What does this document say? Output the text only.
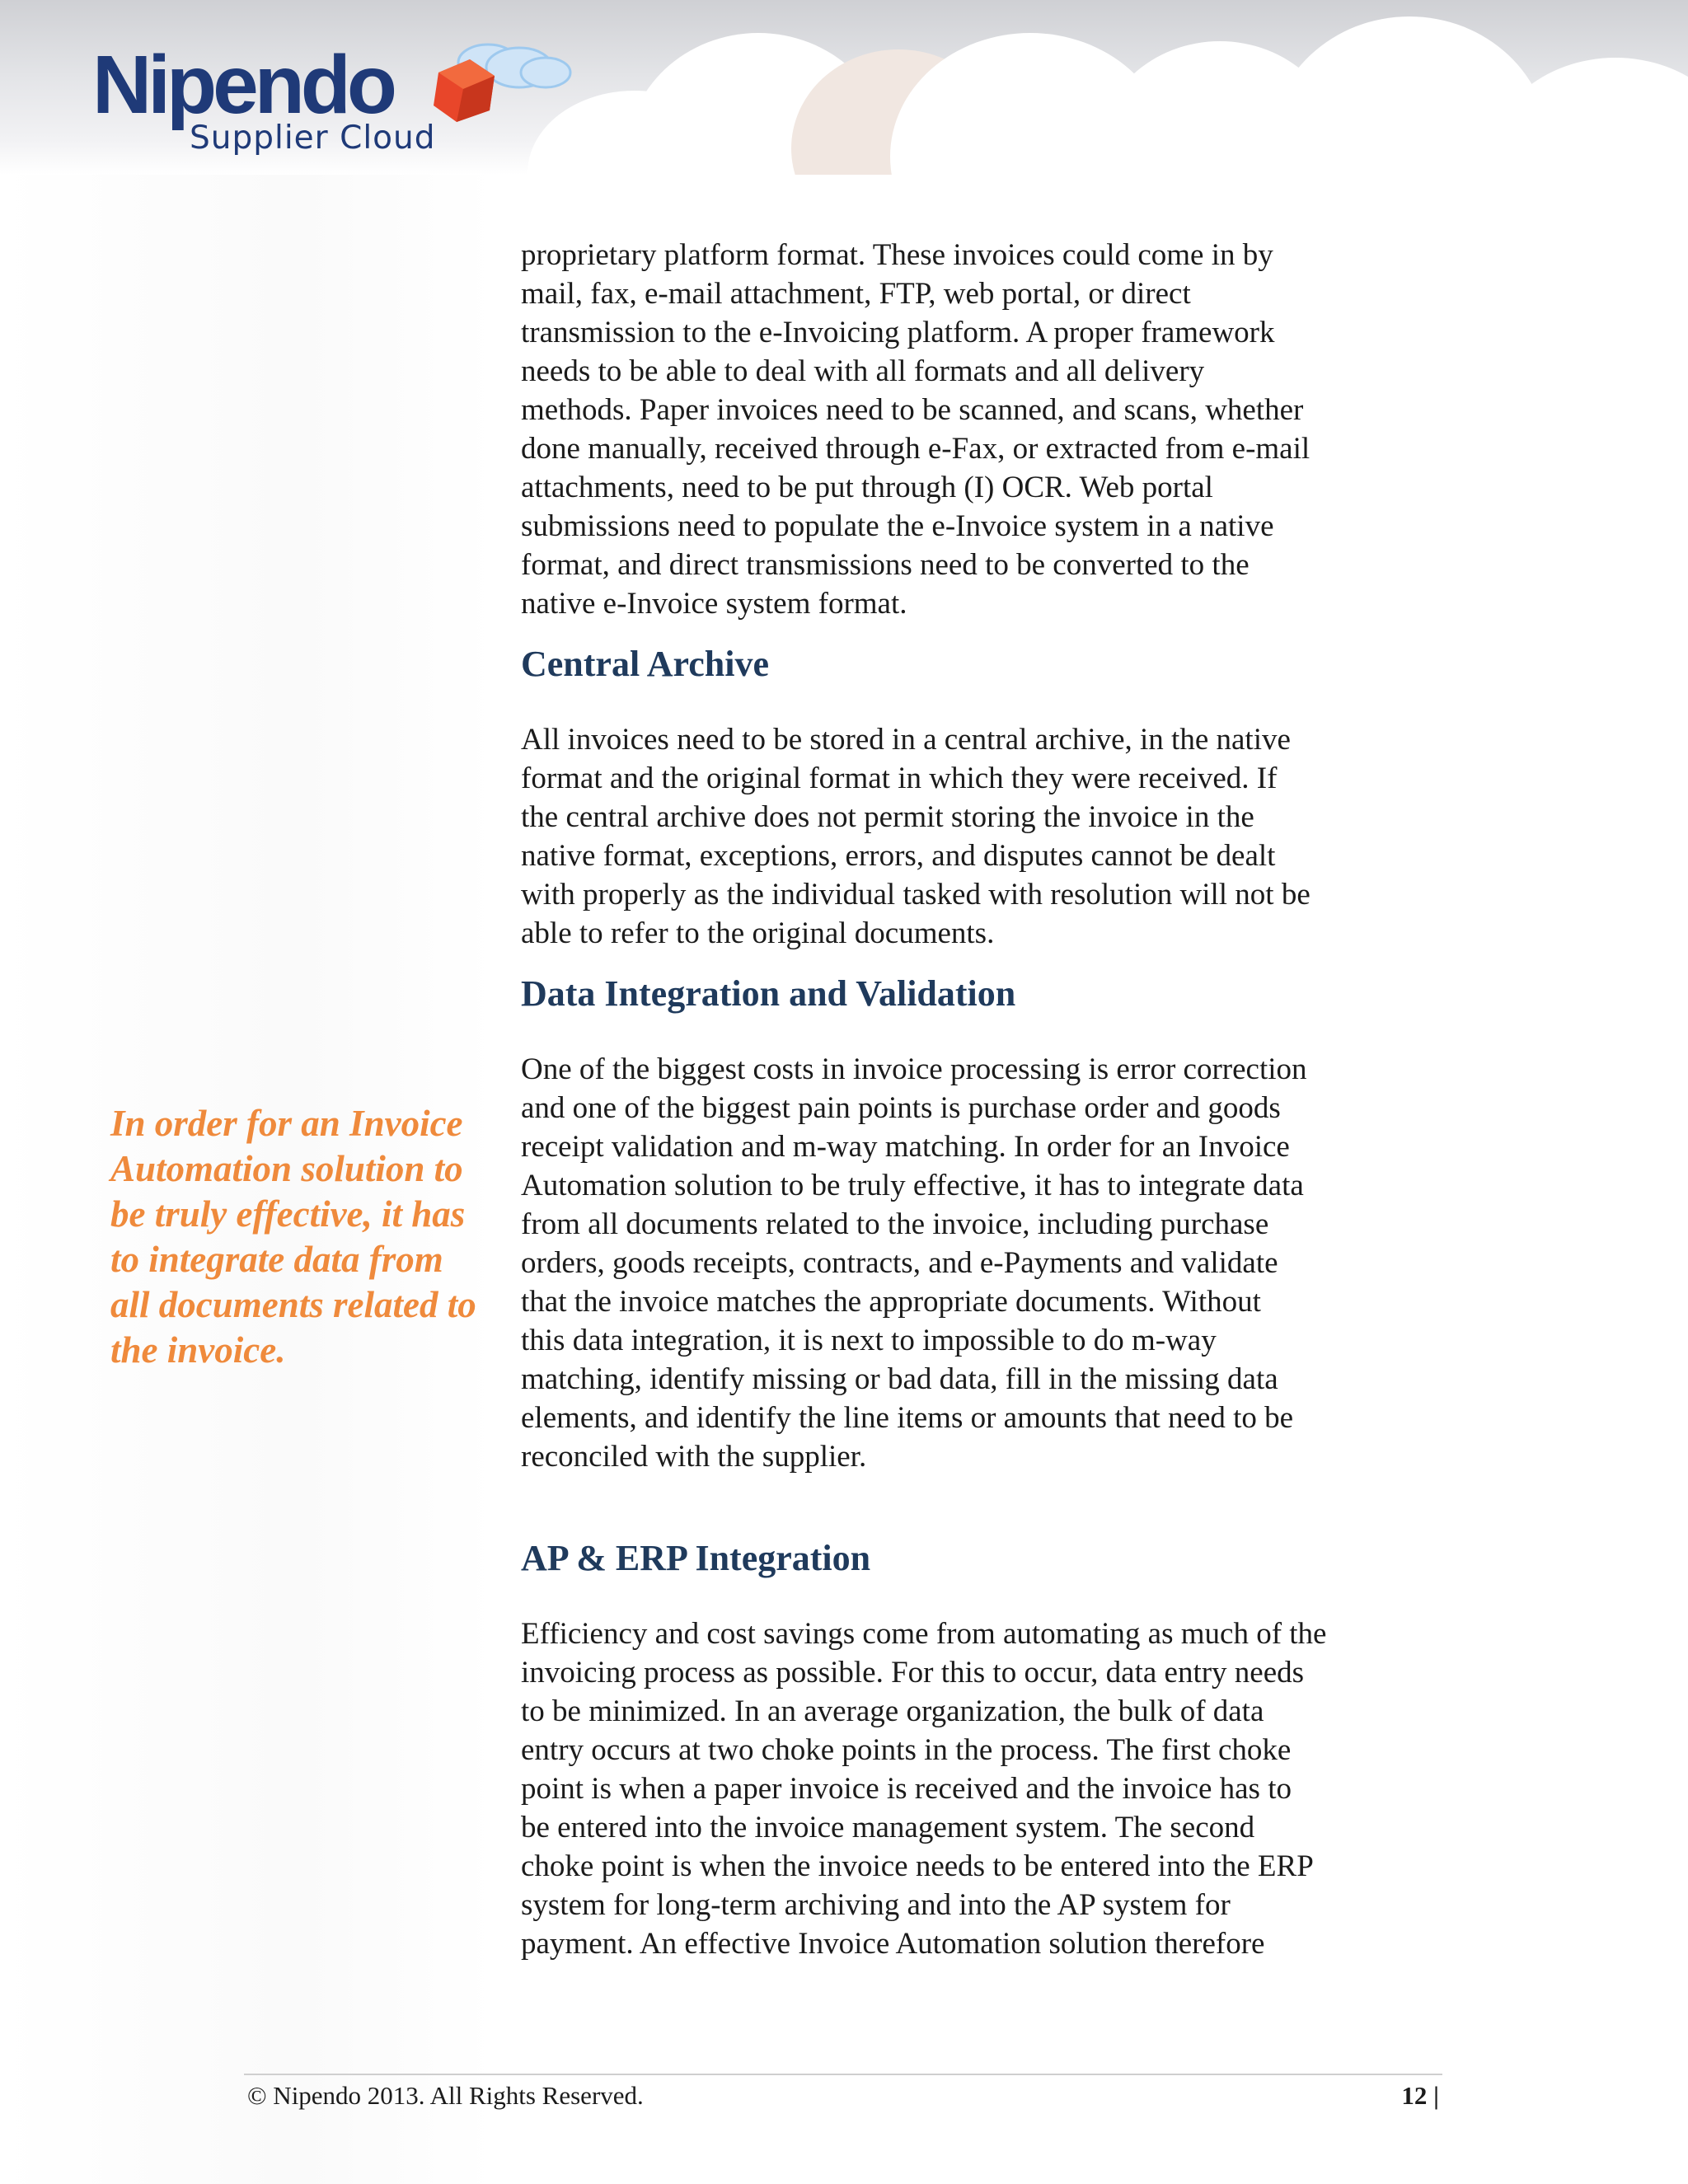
Nipendo
Supplier Cloud

In order for an Invoice Automation solution to be truly effective, it has to integrate data from all documents related to the invoice.

proprietary platform format. These invoices could come in by

mail, fax, e-mail attachment, FTP, web portal, or direct

transmission to the e-Invoicing platform. A proper framework

needs to be able to deal with all formats and all delivery

methods. Paper invoices need to be scanned, and scans, whether

done manually, received through e-Fax, or extracted from e-mail

attachments, need to be put through (I) OCR. Web portal

submissions need to populate the e-Invoice system in a native

format, and direct transmissions need to be converted to the

native e-Invoice system format.

Central Archive

All invoices need to be stored in a central archive, in the native

format and the original format in which they were received. If

the central archive does not permit storing the invoice in the

native format, exceptions, errors, and disputes cannot be dealt

with properly as the individual tasked with resolution will not be

able to refer to the original documents.

Data Integration and Validation

One of the biggest costs in invoice processing is error correction

and one of the biggest pain points is purchase order and goods

receipt validation and m-way matching. In order for an Invoice

Automation solution to be truly effective, it has to integrate data

from all documents related to the invoice, including purchase

orders, goods receipts, contracts, and e-Payments and validate

that the invoice matches the appropriate documents. Without

this data integration, it is next to impossible to do m-way

matching, identify missing or bad data, fill in the missing data

elements, and identify the line items or amounts that need to be

reconciled with the supplier.

AP & ERP Integration

Efficiency and cost savings come from automating as much of the

invoicing process as possible. For this to occur, data entry needs

to be minimized. In an average organization, the bulk of data

entry occurs at two choke points in the process. The first choke

point is when a paper invoice is received and the invoice has to

be entered into the invoice management system. The second

choke point is when the invoice needs to be entered into the ERP

system for long-term archiving and into the AP system for

payment. An effective Invoice Automation solution therefore

© Nipendo 2013. All Rights Reserved.	12 |
